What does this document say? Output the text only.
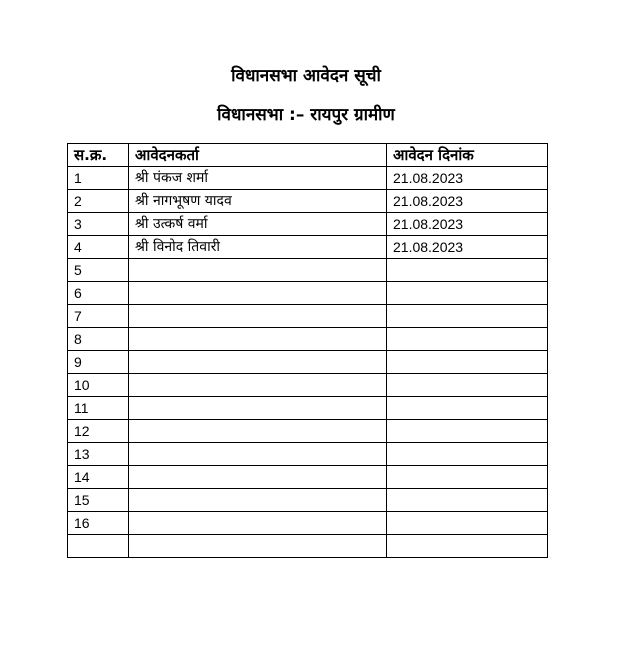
विधानसभा आवेदन सूची
विधानसभा :– रायपुर ग्रामीण
स.क्र.	आवेदनकर्ता	आवेदन दिनांक
1	श्री पंकज शर्मा	21.08.2023
2	श्री नागभूषण यादव	21.08.2023
3	श्री उत्कर्ष वर्मा	21.08.2023
4	श्री विनोद तिवारी	21.08.2023
5		
6		
7		
8		
9		
10		
11		
12		
13		
14		
15		
16		
